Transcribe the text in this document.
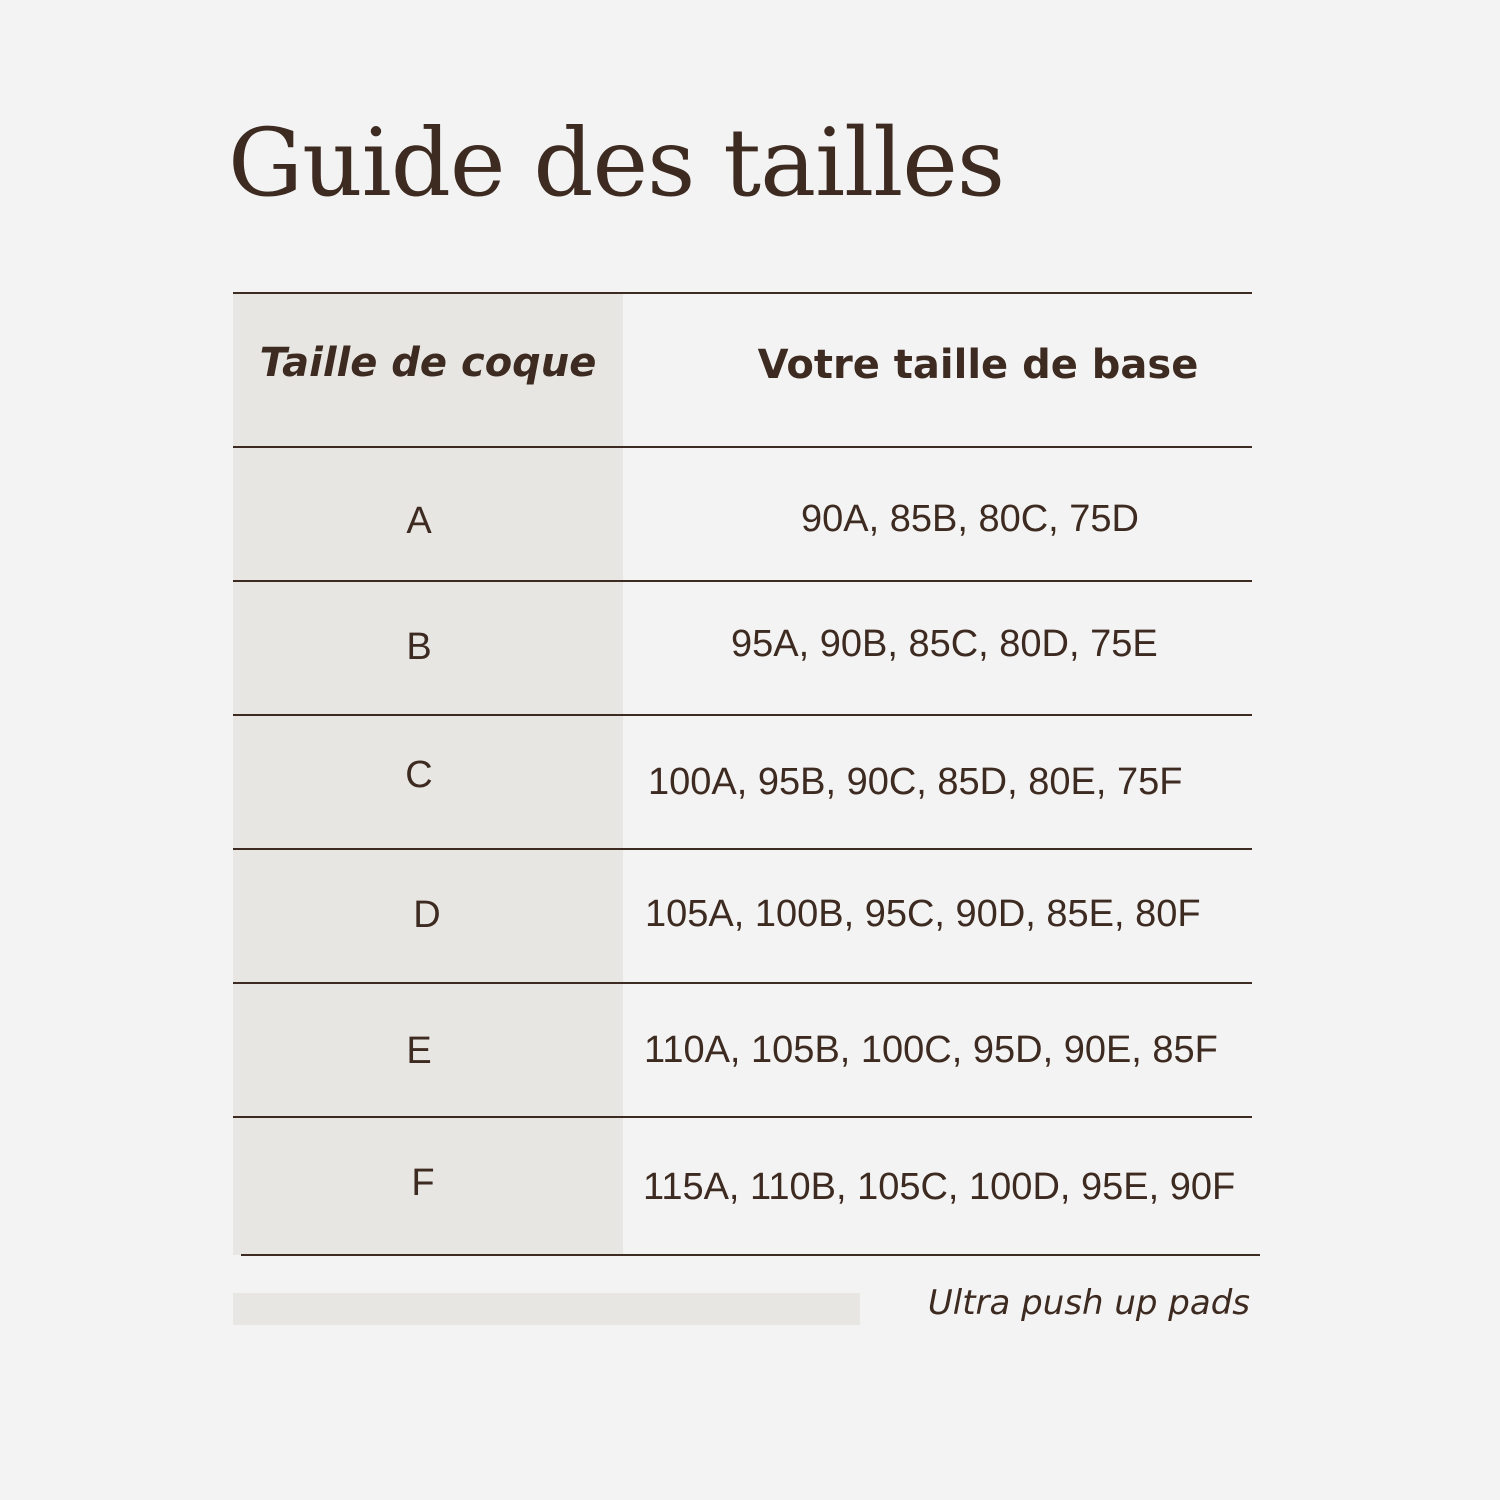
Guide des tailles
Taille de coque	Votre taille de base
A	90A, 85B, 80C, 75D
B	95A, 90B, 85C, 80D, 75E
C	100A, 95B, 90C, 85D, 80E, 75F
D	105A, 100B, 95C, 90D, 85E, 80F
E	110A, 105B, 100C, 95D, 90E, 85F
F	115A, 110B, 105C, 100D, 95E, 90F
Ultra push up pads
